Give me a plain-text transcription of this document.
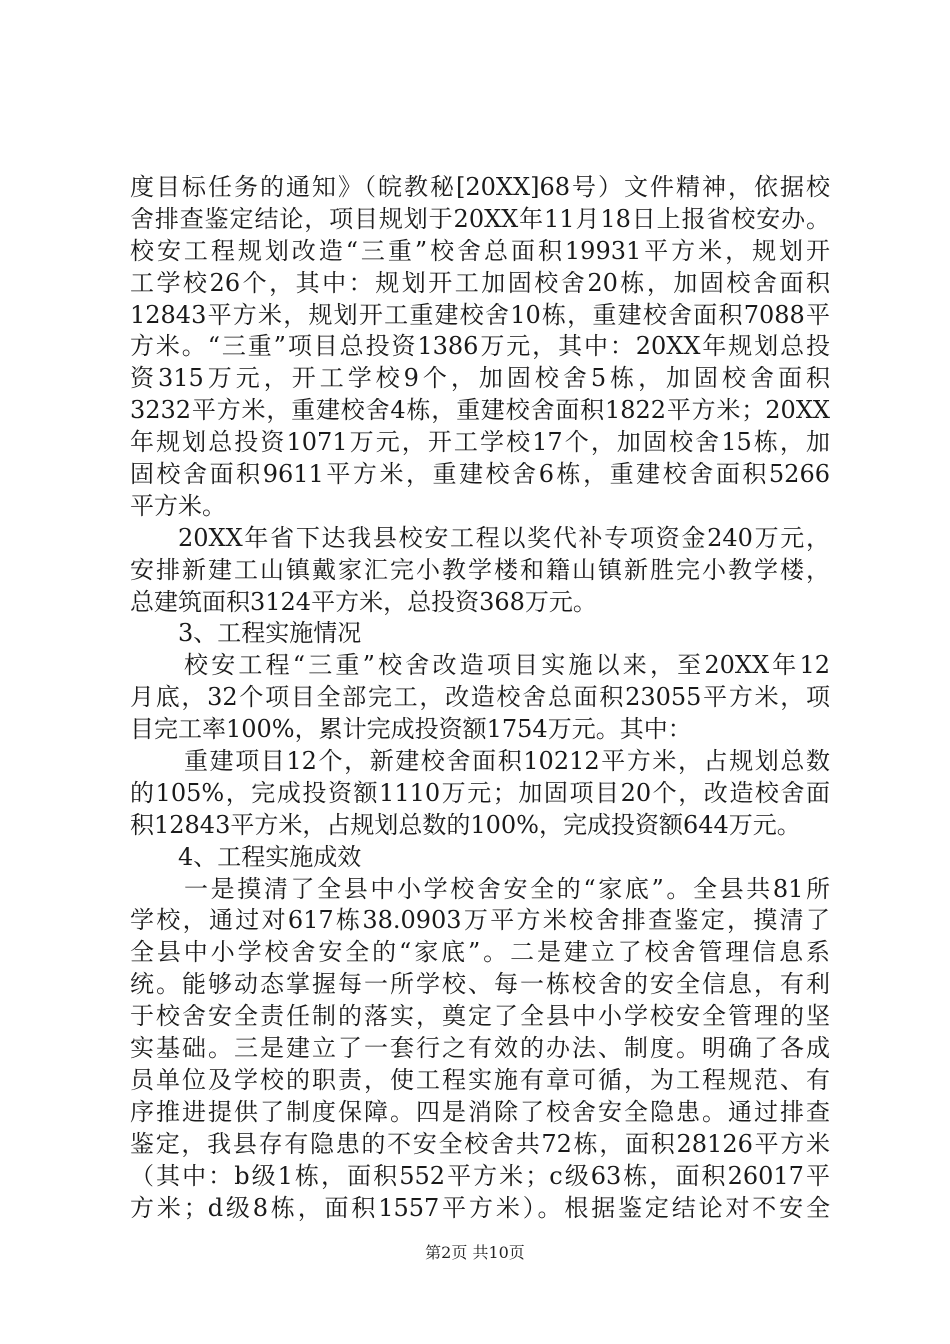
度目标任务的通知》（皖教秘[20XX]68号）文件精神，依据校
舍排查鉴定结论，项目规划于20XX年11月18日上报省校安办。
校安工程规划改造“三重”校舍总面积19931平方米，规划开
工学校26个，其中：规划开工加固校舍20栋，加固校舍面积
12843平方米，规划开工重建校舍10栋，重建校舍面积7088平
方米。“三重”项目总投资1386万元，其中：20XX年规划总投
资315万元，开工学校9个，加固校舍5栋，加固校舍面积
3232平方米，重建校舍4栋，重建校舍面积1822平方米；20XX
年规划总投资1071万元，开工学校17个，加固校舍15栋，加
固校舍面积9611平方米，重建校舍6栋，重建校舍面积5266
平方米。
20XX年省下达我县校安工程以奖代补专项资金240万元，
安排新建工山镇戴家汇完小教学楼和籍山镇新胜完小教学楼，
总建筑面积3124平方米，总投资368万元。
3、工程实施情况
校安工程“三重”校舍改造项目实施以来，至20XX年12
月底，32个项目全部完工，改造校舍总面积23055平方米，项
目完工率100%，累计完成投资额1754万元。其中：
重建项目12个，新建校舍面积10212平方米，占规划总数
的105%，完成投资额1110万元；加固项目20个，改造校舍面
积12843平方米，占规划总数的100%，完成投资额644万元。
4、工程实施成效
一是摸清了全县中小学校舍安全的“家底”。全县共81所
学校，通过对617栋38.0903万平方米校舍排查鉴定，摸清了
全县中小学校舍安全的“家底”。二是建立了校舍管理信息系
统。能够动态掌握每一所学校、每一栋校舍的安全信息，有利
于校舍安全责任制的落实，奠定了全县中小学校安全管理的坚
实基础。三是建立了一套行之有效的办法、制度。明确了各成
员单位及学校的职责，使工程实施有章可循，为工程规范、有
序推进提供了制度保障。四是消除了校舍安全隐患。通过排查
鉴定，我县存有隐患的不安全校舍共72栋，面积28126平方米
（其中：b级1栋，面积552平方米；c级63栋，面积26017平
方米；d级8栋，面积1557平方米）。根据鉴定结论对不安全
第2页 共10页
